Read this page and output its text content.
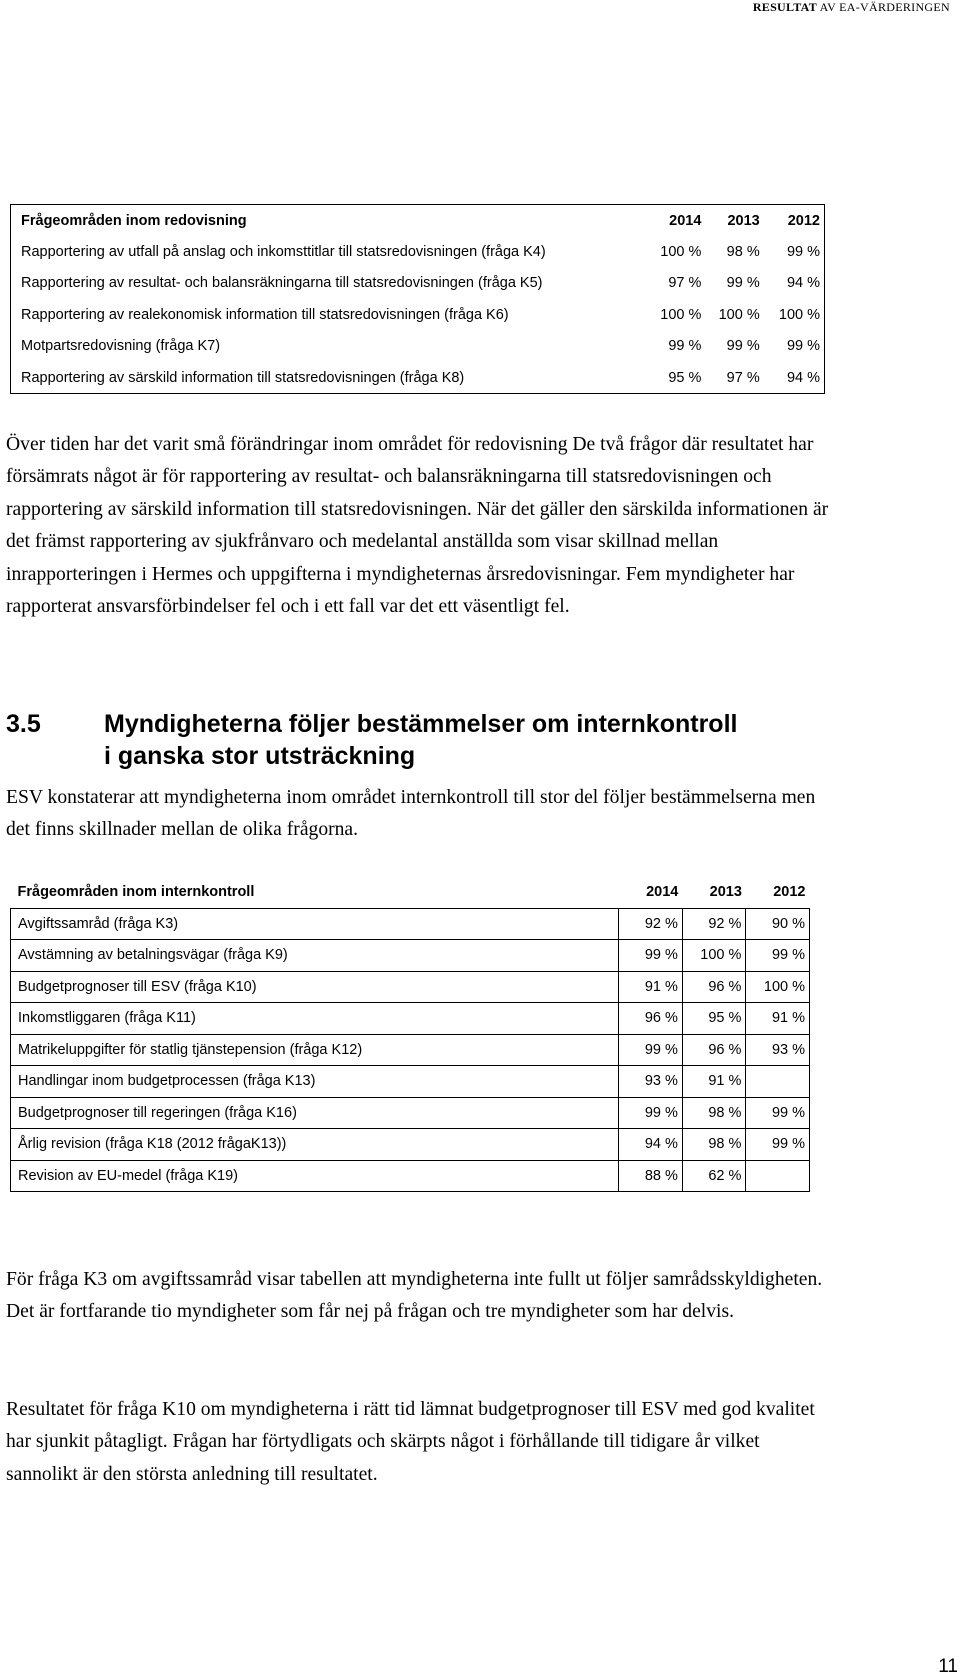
RESULTAT AV EA-VÄRDERINGEN
Frågeområden inom redovisning	2014	2013	2012
Rapportering av utfall på anslag och inkomsttitlar till statsredovisningen (fråga K4)	100 %	98 %	99 %
Rapportering av resultat- och balansräkningarna till statsredovisningen (fråga K5)	97 %	99 %	94 %
Rapportering av realekonomisk information till statsredovisningen (fråga K6)	100 %	100 %	100 %
Motpartsredovisning (fråga K7)	99 %	99 %	99 %
Rapportering av särskild information till statsredovisningen (fråga K8)	95 %	97 %	94 %

Över tiden har det varit små förändringar inom området för redovisning De två frågor där resultatet har försämrats något är för rapportering av resultat- och balansräkningarna till statsredovisningen och rapportering av särskild information till statsredovisningen. När det gäller den särskilda informationen är det främst rapportering av sjukfrånvaro och medelantal anställda som visar skillnad mellan inrapporteringen i Hermes och uppgifterna i myndigheternas årsredovisningar. Fem myndigheter har rapporterat ansvarsförbindelser fel och i ett fall var det ett väsentligt fel.

3.5	Myndigheterna följer bestämmelser om internkontroll i ganska stor utsträckning

ESV konstaterar att myndigheterna inom området internkontroll till stor del följer bestämmelserna men det finns skillnader mellan de olika frågorna.

Frågeområden inom internkontroll	2014	2013	2012
Avgiftssamråd (fråga K3)	92 %	92 %	90 %
Avstämning av betalningsvägar (fråga K9)	99 %	100 %	99 %
Budgetprognoser till ESV (fråga K10)	91 %	96 %	100 %
Inkomstliggaren (fråga K11)	96 %	95 %	91 %
Matrikeluppgifter för statlig tjänstepension (fråga K12)	99 %	96 %	93 %
Handlingar inom budgetprocessen (fråga K13)	93 %	91 %	
Budgetprognoser till regeringen (fråga K16)	99 %	98 %	99 %
Årlig revision (fråga K18 (2012 frågaK13))	94 %	98 %	99 %
Revision av EU-medel (fråga K19)	88 %	62 %	

För fråga K3 om avgiftssamråd visar tabellen att myndigheterna inte fullt ut följer samrådsskyldigheten. Det är fortfarande tio myndigheter som får nej på frågan och tre myndigheter som har delvis.

Resultatet för fråga K10 om myndigheterna i rätt tid lämnat budgetprognoser till ESV med god kvalitet har sjunkit påtagligt. Frågan har förtydligats och skärpts något i förhållande till tidigare år vilket sannolikt är den största anledning till resultatet.

11
